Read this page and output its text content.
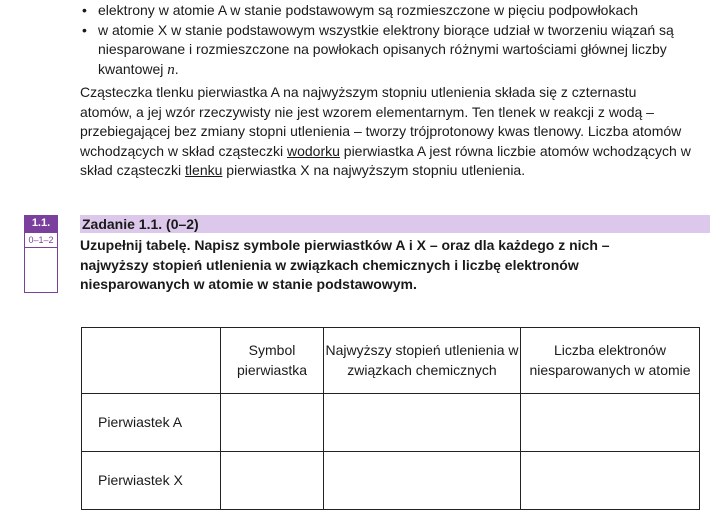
• elektrony w atomie A w stanie podstawowym są rozmieszczone w pięciu podpowłokach
• w atomie X w stanie podstawowym wszystkie elektrony biorące udział w tworzeniu wiązań są niesparowane i rozmieszczone na powłokach opisanych różnymi wartościami głównej liczby kwantowej n.

Cząsteczka tlenku pierwiastka A na najwyższym stopniu utlenienia składa się z czternastu atomów, a jej wzór rzeczywisty nie jest wzorem elementarnym. Ten tlenek w reakcji z wodą – przebiegającej bez zmiany stopni utlenienia – tworzy trójprotonowy kwas tlenowy. Liczba atomów wchodzących w skład cząsteczki wodorku pierwiastka A jest równa liczbie atomów wchodzących w skład cząsteczki tlenku pierwiastka X na najwyższym stopniu utlenienia.

1.1.
0–1–2
Zadanie 1.1. (0–2)

Uzupełnij tabelę. Napisz symbole pierwiastków A i X – oraz dla każdego z nich – najwyższy stopień utlenienia w związkach chemicznych i liczbę elektronów niesparowanych w atomie w stanie podstawowym.

	Symbol pierwiastka	Najwyższy stopień utlenienia w związkach chemicznych	Liczba elektronów niesparowanych w atomie
Pierwiastek A			
Pierwiastek X			
